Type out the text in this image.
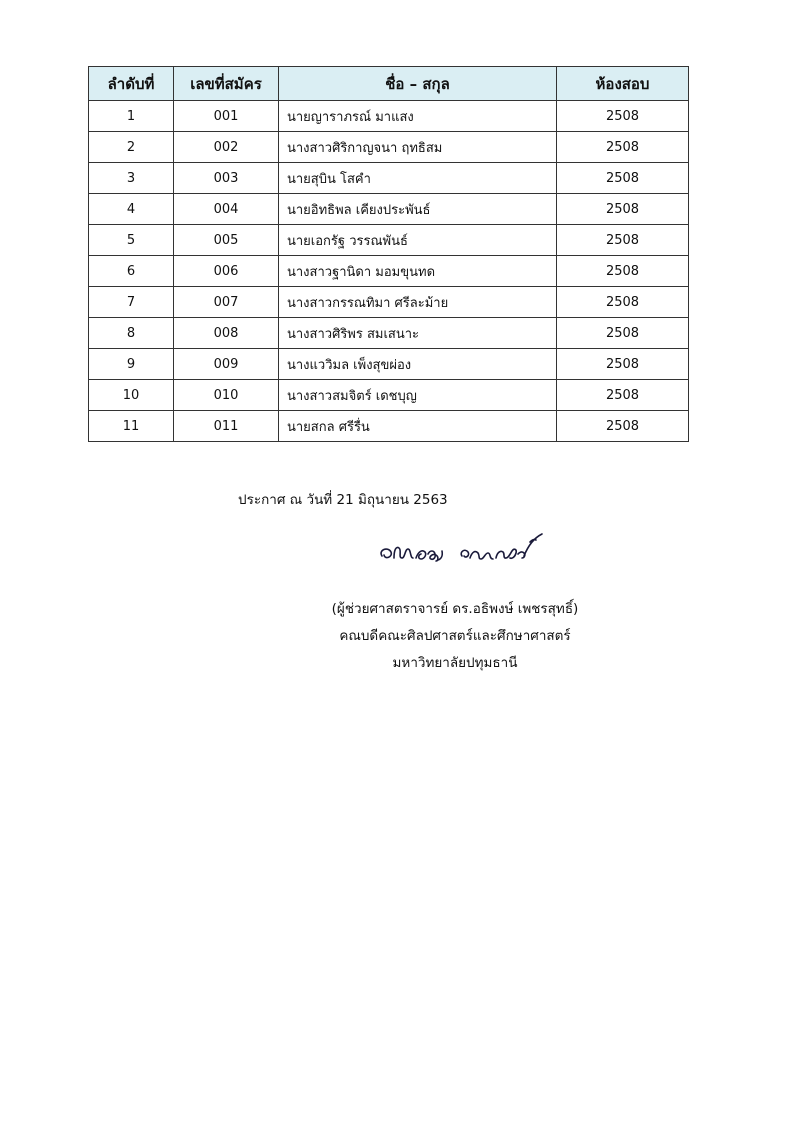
ลำดับที่	เลขที่สมัคร	ชื่อ – สกุล	ห้องสอบ
1	001	นายญาราภรณ์ มาแสง	2508
2	002	นางสาวศิริกาญจนา ฤทธิสม	2508
3	003	นายสุบิน โสคำ	2508
4	004	นายอิทธิพล เคียงประพันธ์	2508
5	005	นายเอกรัฐ วรรณพันธ์	2508
6	006	นางสาวฐานิดา มอมขุนทด	2508
7	007	นางสาวกรรณทิมา ศรีละม้าย	2508
8	008	นางสาวศิริพร สมเสนาะ	2508
9	009	นางแววิมล เพ็งสุขผ่อง	2508
10	010	นางสาวสมจิตร์ เดชบุญ	2508
11	011	นายสกล ศรีรื่น	2508
ประกาศ ณ วันที่ 21 มิถุนายน 2563
(ผู้ช่วยศาสตราจารย์ ดร.อธิพงษ์ เพชรสุทธิ์)
คณบดีคณะศิลปศาสตร์และศึกษาศาสตร์
มหาวิทยาลัยปทุมธานี
